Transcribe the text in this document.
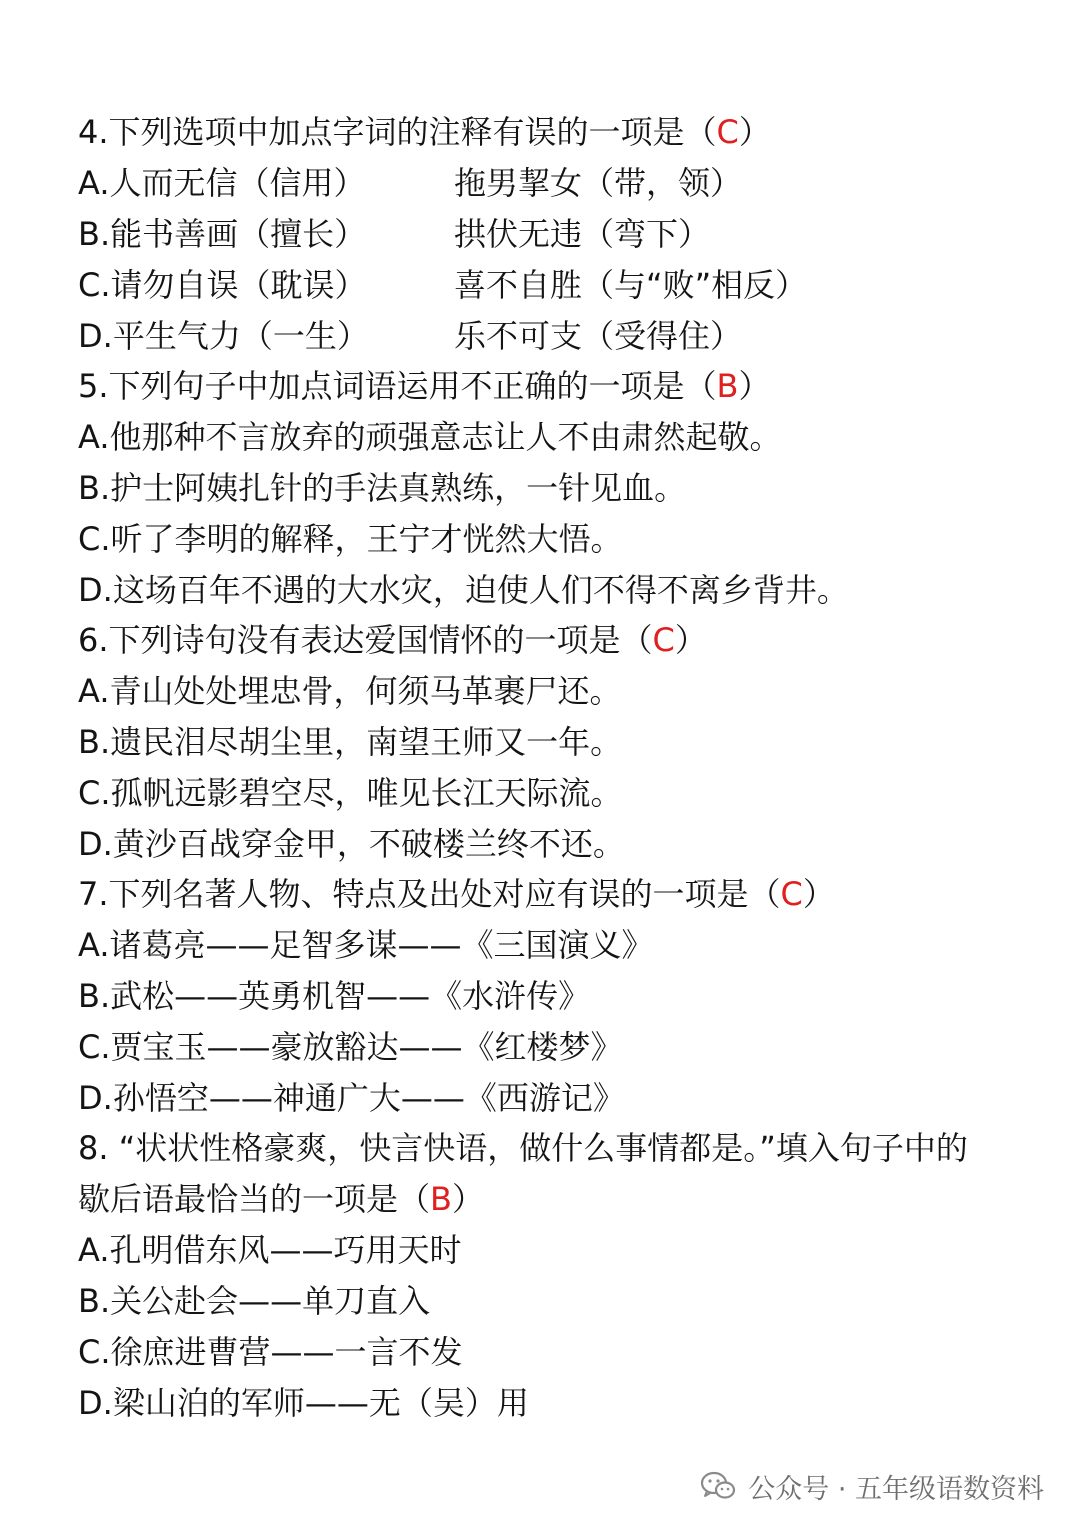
4.下列选项中加点字词的注释有误的一项是（C）
A.人而无信（信用）	拖男挈女（带，领）
B.能书善画（擅长）	拱伏无违（弯下）
C.请勿自误（耽误）	喜不自胜（与“败”相反）
D.平生气力（一生）	乐不可支（受得住）
5.下列句子中加点词语运用不正确的一项是（B）
A.他那种不言放弃的顽强意志让人不由肃然起敬。
B.护士阿姨扎针的手法真熟练，一针见血。
C.听了李明的解释，王宁才恍然大悟。
D.这场百年不遇的大水灾，迫使人们不得不离乡背井。
6.下列诗句没有表达爱国情怀的一项是（C）
A.青山处处埋忠骨，何须马革裹尸还。
B.遗民泪尽胡尘里，南望王师又一年。
C.孤帆远影碧空尽，唯见长江天际流。
D.黄沙百战穿金甲，不破楼兰终不还。
7.下列名著人物、特点及出处对应有误的一项是（C）
A.诸葛亮——足智多谋——《三国演义》
B.武松——英勇机智——《水浒传》
C.贾宝玉——豪放豁达——《红楼梦》
D.孙悟空——神通广大——《西游记》
8. “状状性格豪爽，快言快语，做什么事情都是。”填入句子中的
歇后语最恰当的一项是（B）
A.孔明借东风——巧用天时
B.关公赴会——单刀直入
C.徐庶进曹营——一言不发
D.梁山泊的军师——无（吴）用
公众号 · 五年级语数资料
